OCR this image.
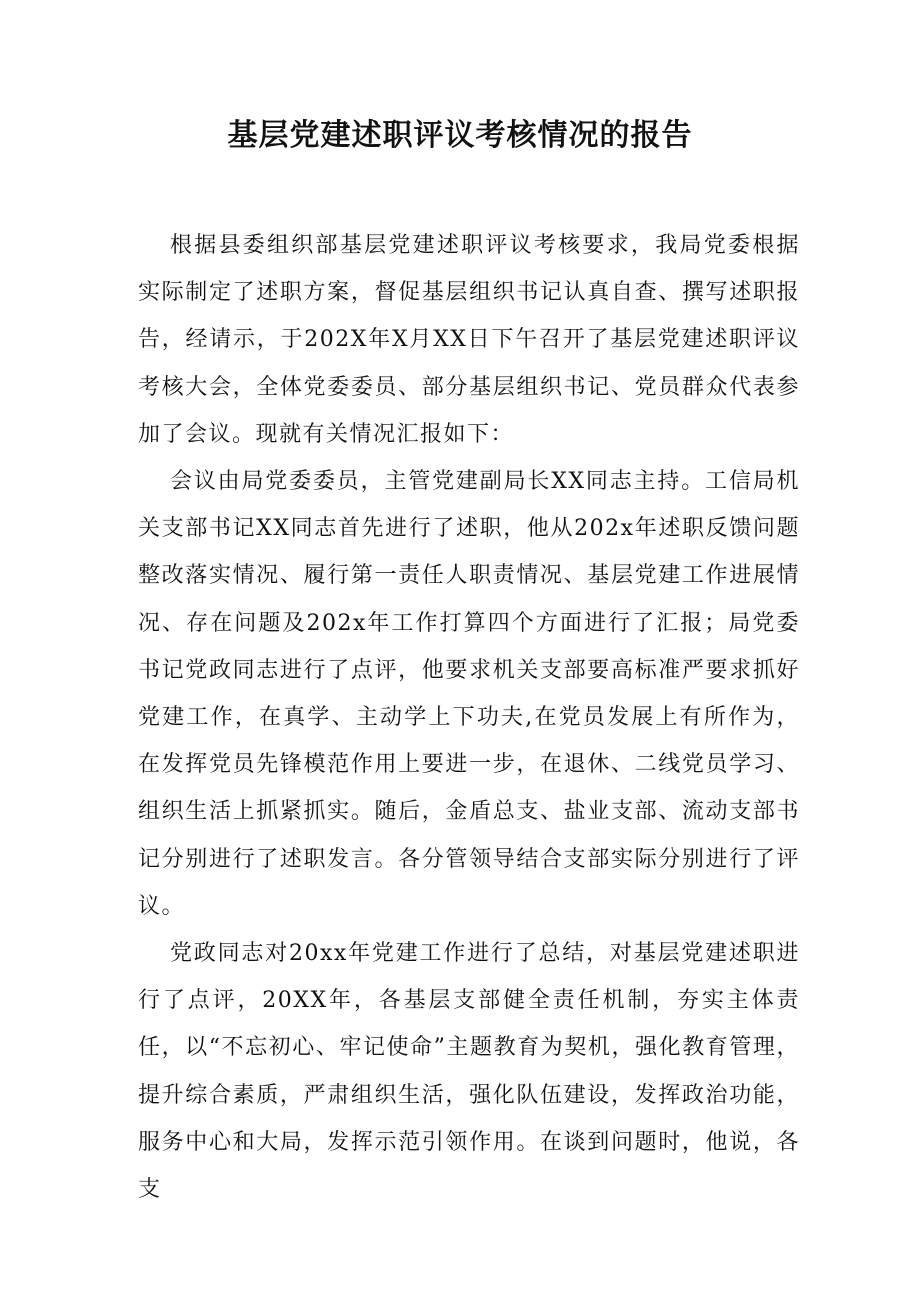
基层党建述职评议考核情况的报告

根据县委组织部基层党建述职评议考核要求，我局党委根据实际制定了述职方案，督促基层组织书记认真自查、撰写述职报告，经请示，于202X年X月XX日下午召开了基层党建述职评议考核大会，全体党委委员、部分基层组织书记、党员群众代表参加了会议。现就有关情况汇报如下：

会议由局党委委员，主管党建副局长XX同志主持。工信局机关支部书记XX同志首先进行了述职，他从202x年述职反馈问题整改落实情况、履行第一责任人职责情况、基层党建工作进展情况、存在问题及202x年工作打算四个方面进行了汇报；局党委书记党政同志进行了点评，他要求机关支部要高标准严要求抓好党建工作，在真学、主动学上下功夫,在党员发展上有所作为，在发挥党员先锋模范作用上要进一步，在退休、二线党员学习、组织生活上抓紧抓实。随后，金盾总支、盐业支部、流动支部书记分别进行了述职发言。各分管领导结合支部实际分别进行了评议。

党政同志对20xx年党建工作进行了总结，对基层党建述职进行了点评，20XX年，各基层支部健全责任机制，夯实主体责任，以“不忘初心、牢记使命”主题教育为契机，强化教育管理，提升综合素质，严肃组织生活，强化队伍建设，发挥政治功能，服务中心和大局，发挥示范引领作用。在谈到问题时，他说，各支
